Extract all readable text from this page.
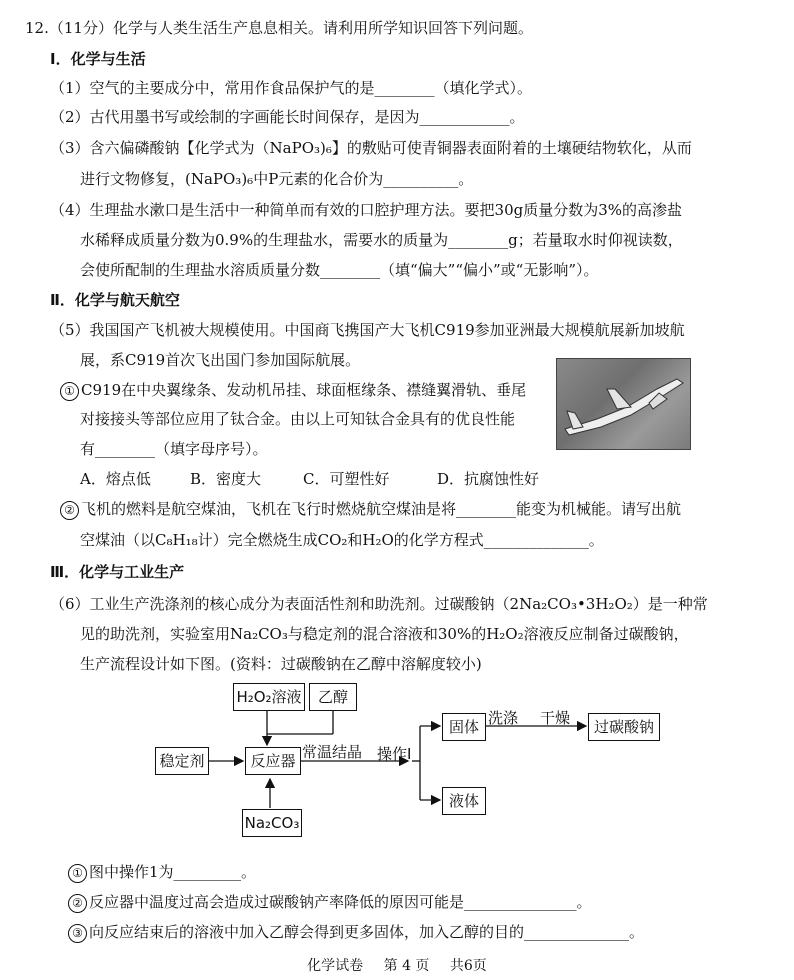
12.（11分）化学与人类生活生产息息相关。请利用所学知识回答下列问题。
Ⅰ．化学与生活
（1）空气的主要成分中，常用作食品保护气的是________（填化学式）。
（2）古代用墨书写或绘制的字画能长时间保存，是因为____________。
（3）含六偏磷酸钠【化学式为（NaPO₃)₆】的敷贴可使青铜器表面附着的土壤硬结物软化，从而
进行文物修复，(NaPO₃)₆中P元素的化合价为__________。
（4）生理盐水漱口是生活中一种简单而有效的口腔护理方法。要把30g质量分数为3%的高渗盐
水稀释成质量分数为0.9%的生理盐水，需要水的质量为________g；若量取水时仰视读数，
会使所配制的生理盐水溶质质量分数________（填“偏大”“偏小”或“无影响”）。
Ⅱ．化学与航天航空
（5）我国国产飞机被大规模使用。中国商飞携国产大飞机C919参加亚洲最大规模航展新加坡航
展，系C919首次飞出国门参加国际航展。
① C919在中央翼缘条、发动机吊挂、球面框缘条、襟缝翼滑轨、垂尾
对接接头等部位应用了钛合金。由以上可知钛合金具有的优良性能
有________（填字母序号）。
A．熔点低	B．密度大	C．可塑性好	D．抗腐蚀性好
② 飞机的燃料是航空煤油，飞机在飞行时燃烧航空煤油是将________能变为机械能。请写出航
空煤油（以C₈H₁₈计）完全燃烧生成CO₂和H₂O的化学方程式______________。
Ⅲ．化学与工业生产
（6）工业生产洗涤剂的核心成分为表面活性剂和助洗剂。过碳酸钠（2Na₂CO₃•3H₂O₂）是一种常
见的助洗剂，实验室用Na₂CO₃与稳定剂的混合溶液和30%的H₂O₂溶液反应制备过碳酸钠，
生产流程设计如下图。(资料：过碳酸钠在乙醇中溶解度较小)
H₂O₂溶液	乙醇
稳定剂	反应器
Na₂CO₃
固体	过碳酸钠
液体
常温结晶 操作I
洗涤 干燥
① 图中操作1为_________。
② 反应器中温度过高会造成过碳酸钠产率降低的原因可能是_______________。
③ 向反应结束后的溶液中加入乙醇会得到更多固体，加入乙醇的目的______________。
化学试卷 第 4 页 共6页
